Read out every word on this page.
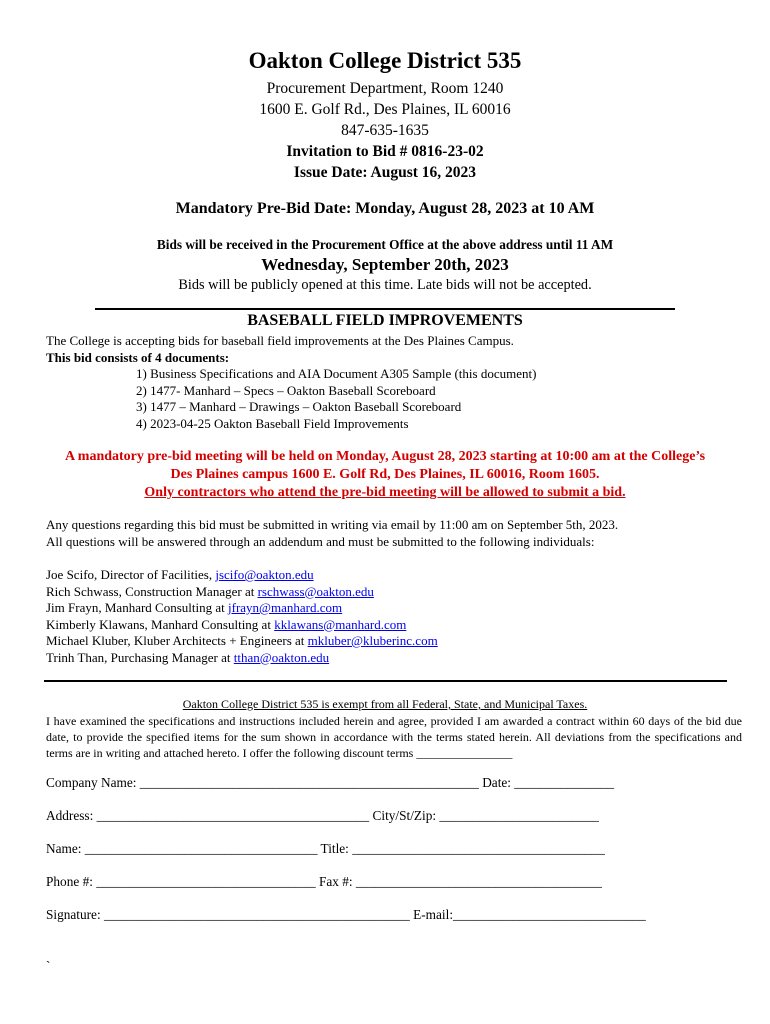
Oakton College District 535
Procurement Department, Room 1240
1600 E. Golf Rd., Des Plaines, IL 60016
847-635-1635
Invitation to Bid # 0816-23-02
Issue Date: August 16, 2023
Mandatory Pre-Bid Date: Monday, August 28, 2023 at 10 AM
Bids will be received in the Procurement Office at the above address until 11 AM
Wednesday, September 20th, 2023
Bids will be publicly opened at this time. Late bids will not be accepted.
BASEBALL FIELD IMPROVEMENTS
The College is accepting bids for baseball field improvements at the Des Plaines Campus.
This bid consists of 4 documents:
1) Business Specifications and AIA Document A305 Sample (this document)
2) 1477- Manhard – Specs – Oakton Baseball Scoreboard
3) 1477 – Manhard – Drawings – Oakton Baseball Scoreboard
4) 2023-04-25 Oakton Baseball Field Improvements
A mandatory pre-bid meeting will be held on Monday, August 28, 2023 starting at 10:00 am at the College’s
Des Plaines campus 1600 E. Golf Rd, Des Plaines, IL 60016, Room 1605.
Only contractors who attend the pre-bid meeting will be allowed to submit a bid.
Any questions regarding this bid must be submitted in writing via email by 11:00 am on September 5th, 2023.
All questions will be answered through an addendum and must be submitted to the following individuals:
Joe Scifo, Director of Facilities, jscifo@oakton.edu
Rich Schwass, Construction Manager at rschwass@oakton.edu
Jim Frayn, Manhard Consulting at jfrayn@manhard.com
Kimberly Klawans, Manhard Consulting at kklawans@manhard.com
Michael Kluber, Kluber Architects + Engineers at mkluber@kluberinc.com
Trinh Than, Purchasing Manager at tthan@oakton.edu
Oakton College District 535 is exempt from all Federal, State, and Municipal Taxes.
I have examined the specifications and instructions included herein and agree, provided I am awarded a contract within 60 days of the bid due date, to provide the specified items for the sum shown in accordance with the terms stated herein. All deviations from the specifications and terms are in writing and attached hereto. I offer the following discount terms ________________
Company Name: ___________________________________________________ Date: _______________
Address: _________________________________________ City/St/Zip: ________________________
Name: ___________________________________ Title: ______________________________________
Phone #: _________________________________ Fax #: _____________________________________
Signature: ______________________________________________ E-mail:_____________________________
`
